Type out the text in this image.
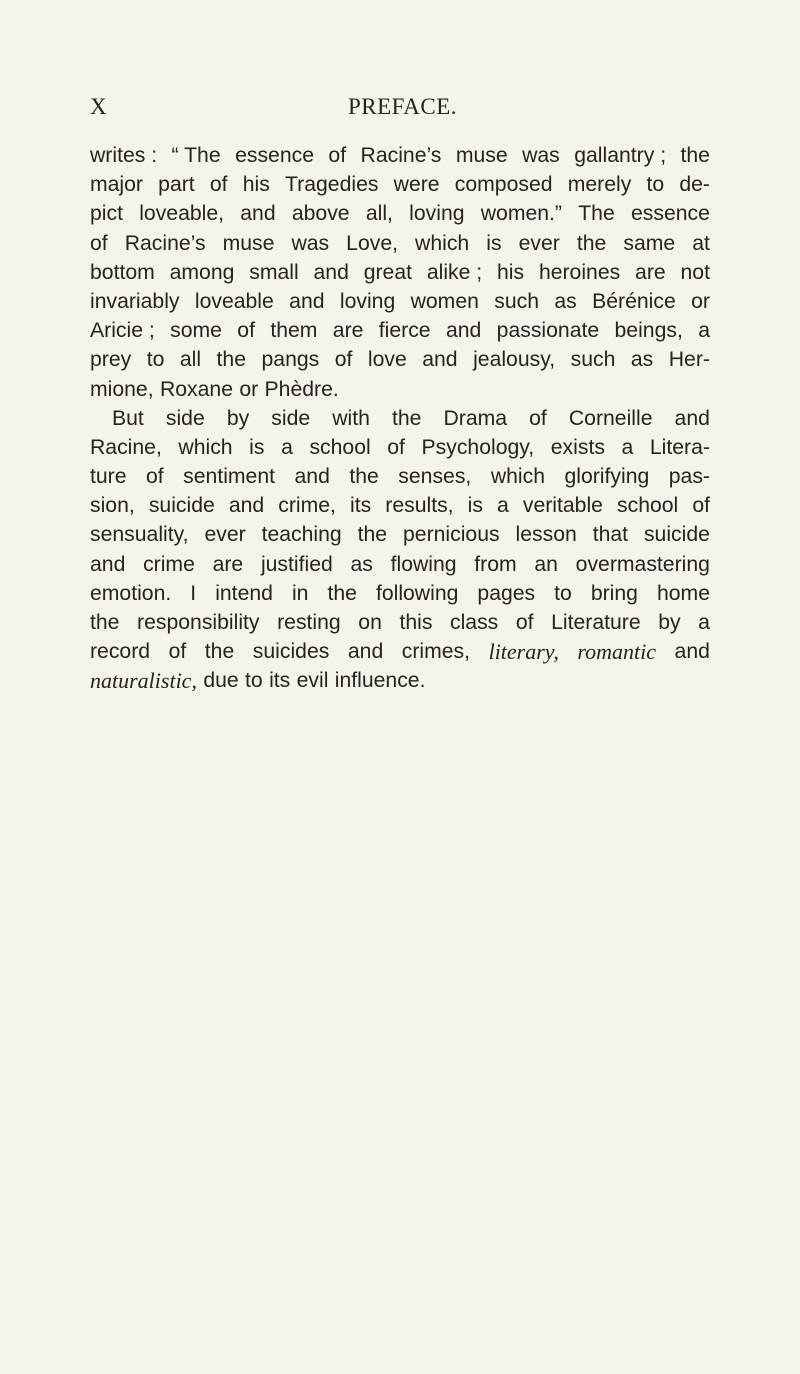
X	PREFACE.
writes : “ The essence of Racine’s muse was gallantry ; the
major part of his Tragedies were composed merely to de-
pict loveable, and above all, loving women.” The essence
of Racine’s muse was Love, which is ever the same at
bottom among small and great alike ; his heroines are not
invariably loveable and loving women such as Bérénice or
Aricie ; some of them are fierce and passionate beings, a
prey to all the pangs of love and jealousy, such as Her-
mione, Roxane or Phèdre.
But side by side with the Drama of Corneille and
Racine, which is a school of Psychology, exists a Litera-
ture of sentiment and the senses, which glorifying pas-
sion, suicide and crime, its results, is a veritable school of
sensuality, ever teaching the pernicious lesson that suicide
and crime are justified as flowing from an overmastering
emotion. I intend in the following pages to bring home
the responsibility resting on this class of Literature by a
record of the suicides and crimes, literary, romantic and
naturalistic, due to its evil influence.
